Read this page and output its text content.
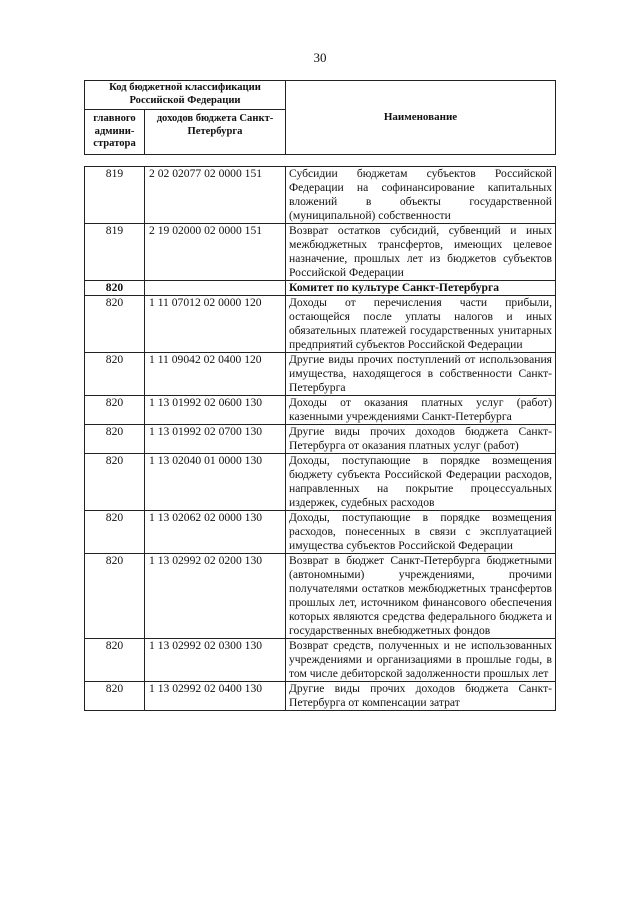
30
Код бюджетной классификации Российской Федерации		Наименование
главного админи-стратора	доходов бюджета Санкт-Петербурга	
819	2 02 02077 02 0000 151	Субсидии бюджетам субъектов Российской Федерации на софинансирование капитальных вложений в объекты государственной (муниципальной) собственности
819	2 19 02000 02 0000 151	Возврат остатков субсидий, субвенций и иных межбюджетных трансфертов, имеющих целевое назначение, прошлых лет из бюджетов субъектов Российской Федерации
820		Комитет по культуре Санкт-Петербурга
820	1 11 07012 02 0000 120	Доходы от перечисления части прибыли, остающейся после уплаты налогов и иных обязательных платежей государственных унитарных предприятий субъектов Российской Федерации
820	1 11 09042 02 0400 120	Другие виды прочих поступлений от использования имущества, находящегося в собственности Санкт-Петербурга
820	1 13 01992 02 0600 130	Доходы от оказания платных услуг (работ) казенными учреждениями Санкт-Петербурга
820	1 13 01992 02 0700 130	Другие виды прочих доходов бюджета Санкт-Петербурга от оказания платных услуг (работ)
820	1 13 02040 01 0000 130	Доходы, поступающие в порядке возмещения бюджету субъекта Российской Федерации расходов, направленных на покрытие процессуальных издержек, судебных расходов
820	1 13 02062 02 0000 130	Доходы, поступающие в порядке возмещения расходов, понесенных в связи с эксплуатацией имущества субъектов Российской Федерации
820	1 13 02992 02 0200 130	Возврат в бюджет Санкт-Петербурга бюджетными (автономными) учреждениями, прочими получателями остатков межбюджетных трансфертов прошлых лет, источником финансового обеспечения которых являются средства федерального бюджета и государственных внебюджетных фондов
820	1 13 02992 02 0300 130	Возврат средств, полученных и не использованных учреждениями и организациями в прошлые годы, в том числе дебиторской задолженности прошлых лет
820	1 13 02992 02 0400 130	Другие виды прочих доходов бюджета Санкт-Петербурга от компенсации затрат
